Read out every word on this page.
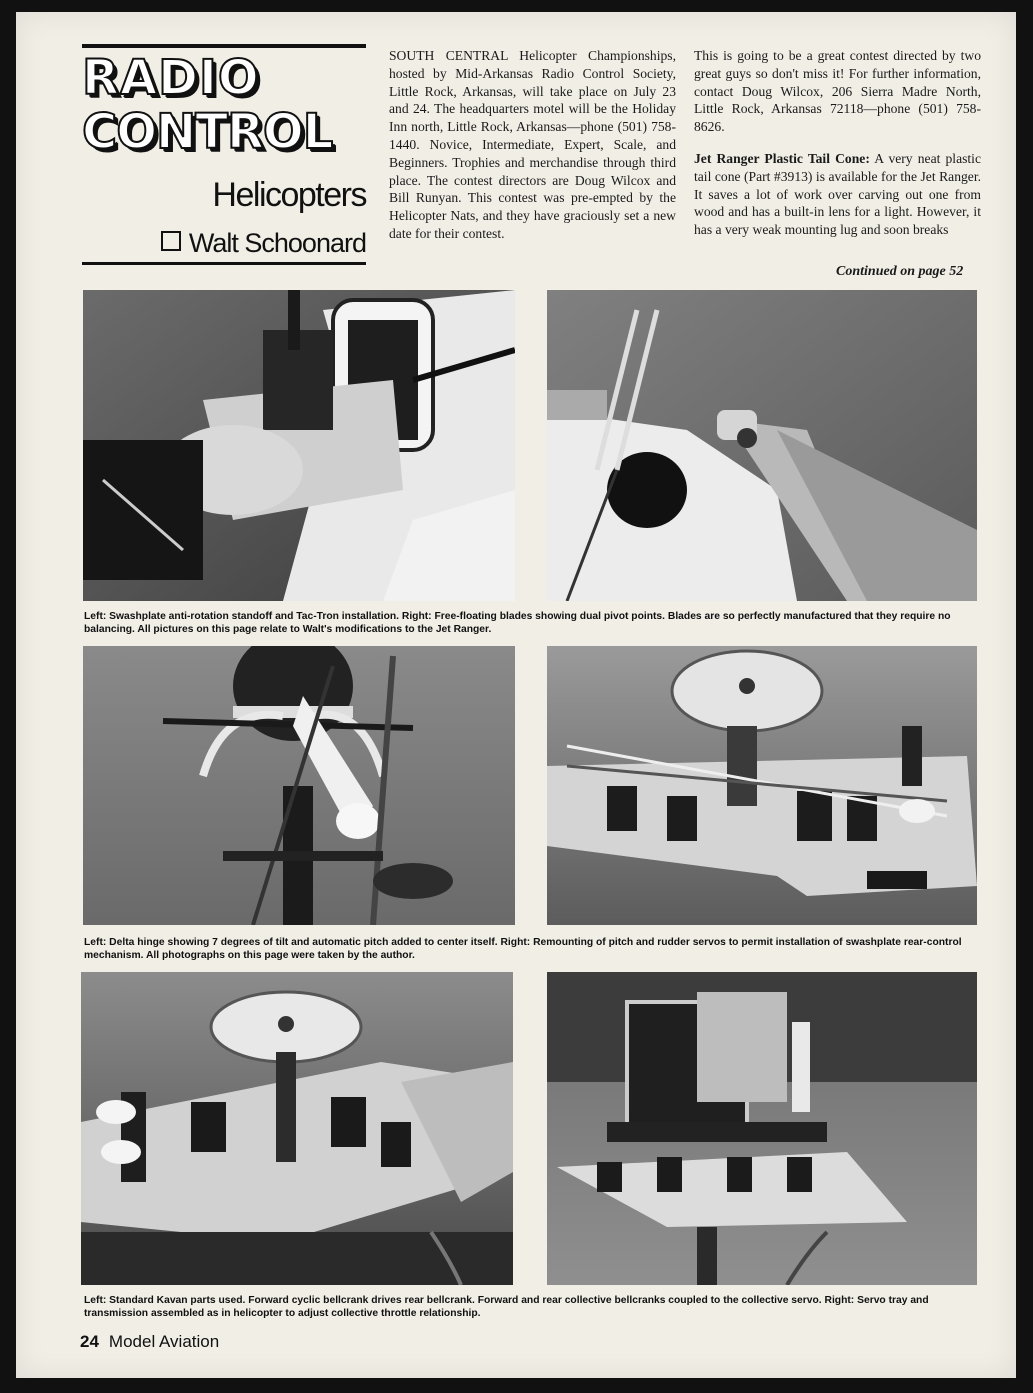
RADIO
CONTROL
Helicopters
Walt Schoonard

SOUTH CENTRAL Helicopter Championships, hosted by Mid-Arkansas Radio Control Society, Little Rock, Arkansas, will take place on July 23 and 24. The headquarters motel will be the Holiday Inn north, Little Rock, Arkansas—phone (501) 758-1440. Novice, Intermediate, Expert, Scale, and Beginners. Trophies and merchandise through third place. The contest directors are Doug Wilcox and Bill Runyan. This contest was pre-empted by the Helicopter Nats, and they have graciously set a new date for their contest.

This is going to be a great contest directed by two great guys so don't miss it! For further information, contact Doug Wilcox, 206 Sierra Madre North, Little Rock, Arkansas 72118—phone (501) 758-8626.

Jet Ranger Plastic Tail Cone: A very neat plastic tail cone (Part #3913) is available for the Jet Ranger. It saves a lot of work over carving out one from wood and has a built-in lens for a light. However, it has a very weak mounting lug and soon breaks

Continued on page 52
Left: Swashplate anti-rotation standoff and Tac-Tron installation. Right: Free-floating blades showing dual pivot points. Blades are so perfectly manufactured that they require no balancing. All pictures on this page relate to Walt's modifications to the Jet Ranger.
Left: Delta hinge showing 7 degrees of tilt and automatic pitch added to center itself. Right: Remounting of pitch and rudder servos to permit installation of swashplate rear-control mechanism. All photographs on this page were taken by the author.
Left: Standard Kavan parts used. Forward cyclic bellcrank drives rear bellcrank. Forward and rear collective bellcranks coupled to the collective servo. Right: Servo tray and transmission assembled as in helicopter to adjust collective throttle relationship.
24 Model Aviation
